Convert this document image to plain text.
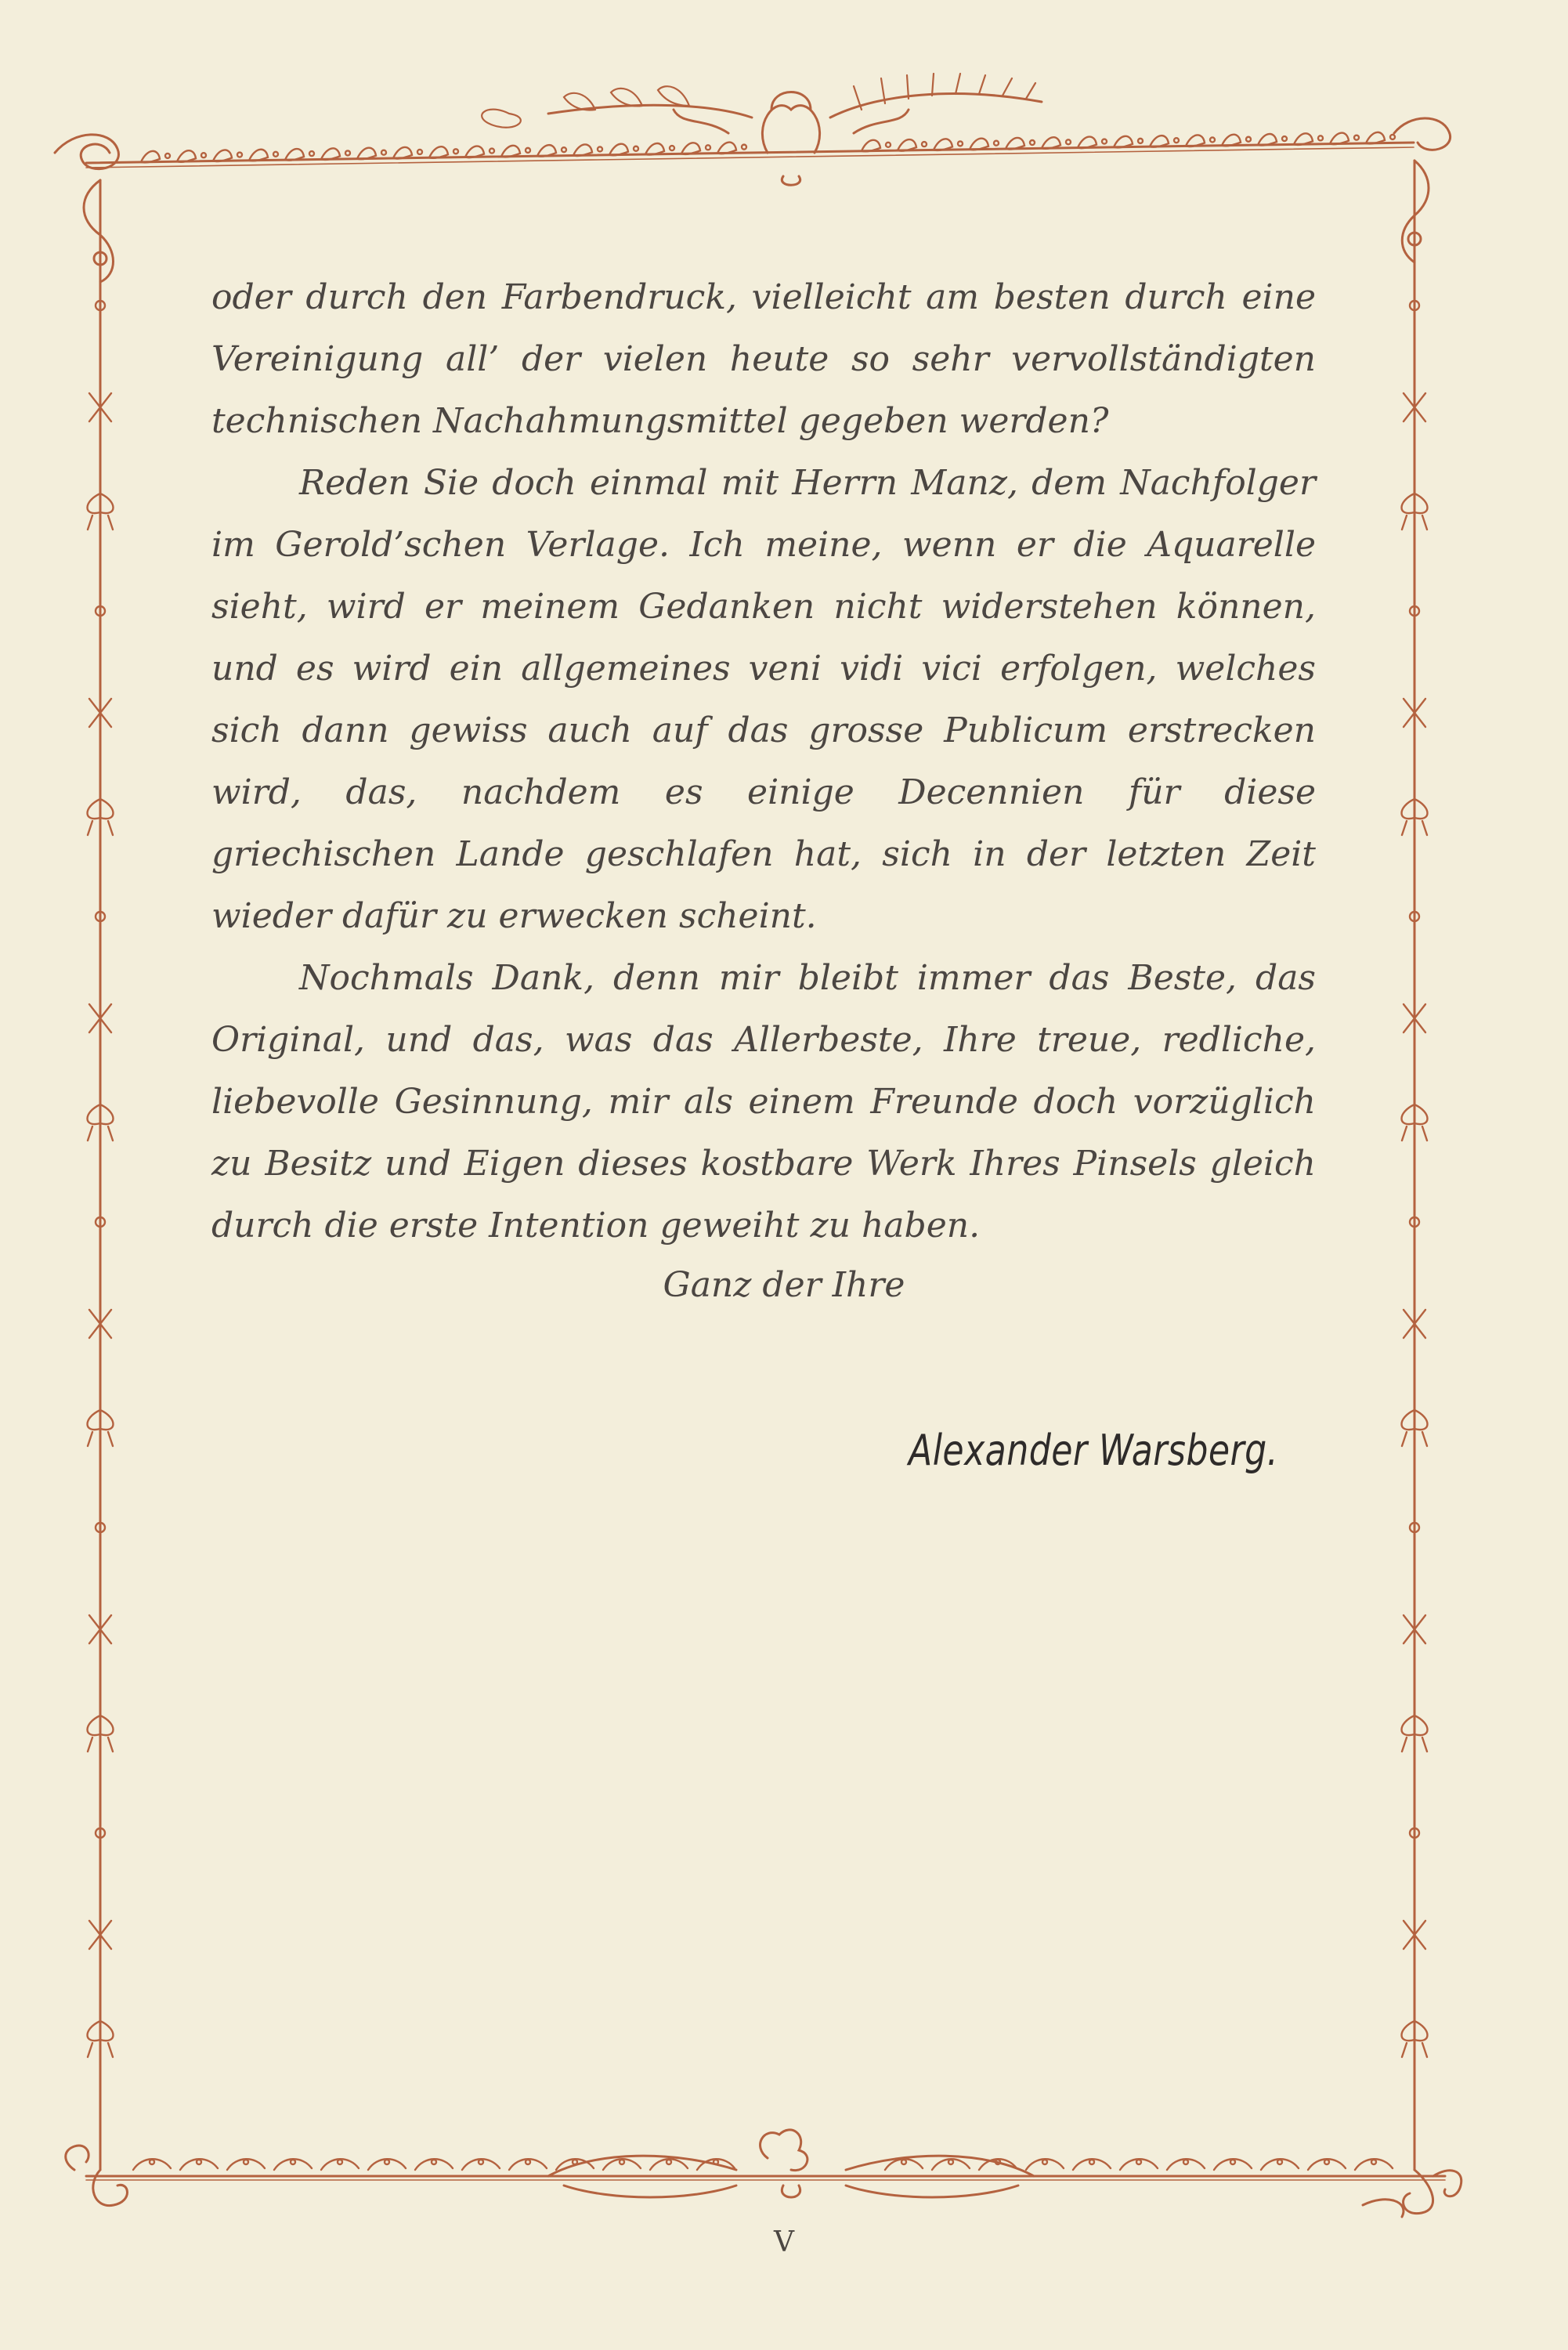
oder durch den Farbendruck, vielleicht am besten durch eine Vereinigung all’ der vielen heute so sehr vervollständigten technischen Nachahmungsmittel gegeben werden?

Reden Sie doch einmal mit Herrn Manz, dem Nachfolger im Gerold’schen Verlage. Ich meine, wenn er die Aquarelle sieht, wird er meinem Gedanken nicht widerstehen können, und es wird ein allgemeines veni vidi vici erfolgen, welches sich dann gewiss auch auf das grosse Publicum erstrecken wird, das, nachdem es einige Decennien für diese griechischen Lande geschlafen hat, sich in der letzten Zeit wieder dafür zu erwecken scheint.

Nochmals Dank, denn mir bleibt immer das Beste, das Original, und das, was das Allerbeste, Ihre treue, redliche, liebevolle Gesinnung, mir als einem Freunde doch vorzüglich zu Besitz und Eigen dieses kostbare Werk Ihres Pinsels gleich durch die erste Intention geweiht zu haben.

Ganz der Ihre
Alexander Warsberg.
V
